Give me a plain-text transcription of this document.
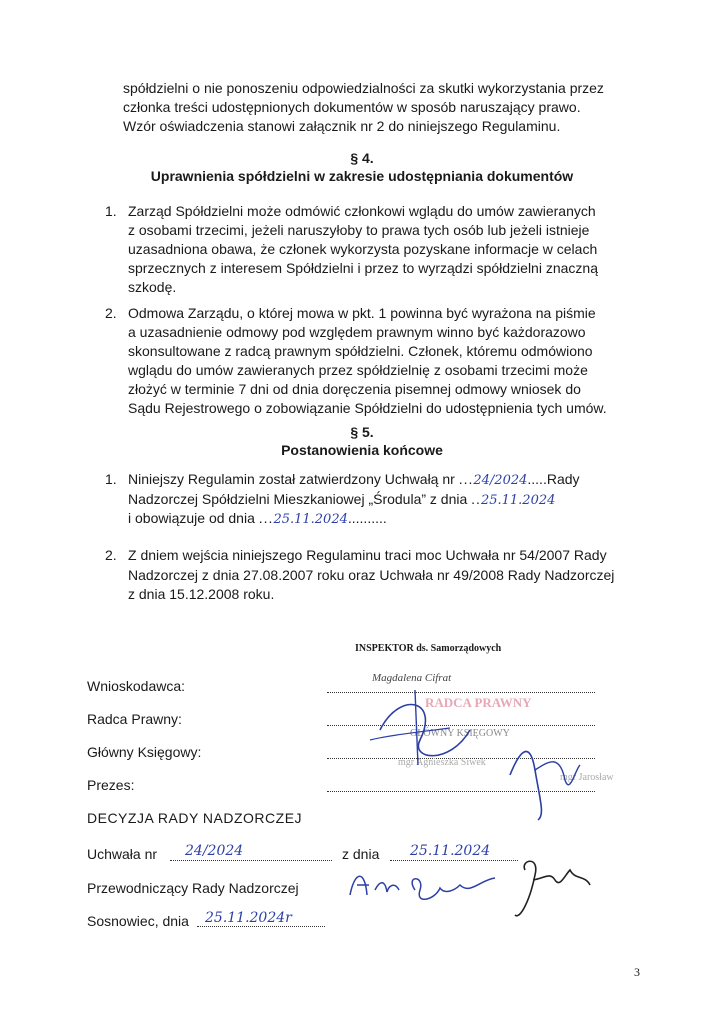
spółdzielni o nie ponoszeniu odpowiedzialności za skutki wykorzystania przez
członka treści udostępnionych dokumentów w sposób naruszający prawo.
Wzór oświadczenia stanowi załącznik nr 2 do niniejszego Regulaminu.
§ 4.
Uprawnienia spółdzielni w zakresie udostępniania dokumentów
1. Zarząd Spółdzielni może odmówić członkowi wglądu do umów zawieranych
z osobami trzecimi, jeżeli naruszyłoby to prawa tych osób lub jeżeli istnieje
uzasadniona obawa, że członek wykorzysta pozyskane informacje w celach
sprzecznych z interesem Spółdzielni i przez to wyrządzi spółdzielni znaczną
szkodę.
2. Odmowa Zarządu, o której mowa w pkt. 1 powinna być wyrażona na piśmie
a uzasadnienie odmowy pod względem prawnym winno być każdorazowo
skonsultowane z radcą prawnym spółdzielni. Członek, któremu odmówiono
wglądu do umów zawieranych przez spółdzielnię z osobami trzecimi może
złożyć w terminie 7 dni od dnia doręczenia pisemnej odmowy wniosek do
Sądu Rejestrowego o zobowiązanie Spółdzielni do udostępnienia tych umów.
§ 5.
Postanowienia końcowe
1. Niniejszy Regulamin został zatwierdzony Uchwałą nr ...24/2024.....Rady
Nadzorczej Spółdzielni Mieszkaniowej „Środula” z dnia ..25.11.2024
i obowiązuje od dnia ...25.11.2024..........
2. Z dniem wejścia niniejszego Regulaminu traci moc Uchwała nr 54/2007 Rady
Nadzorczej z dnia 27.08.2007 roku oraz Uchwała nr 49/2008 Rady Nadzorczej
z dnia 15.12.2008 roku.
INSPEKTOR ds. Samorządowych
Magdalena Cifrat
Wnioskodawca:
Radca Prawny:
Główny Księgowy:
Prezes:
RADCA PRAWNY
GŁÓWNY KSIĘGOWY
mgr Agnieszka Siwek
mgr Jarosław
DECYZJA RADY NADZORCZEJ
Uchwała nr 24/2024	z dnia 25.11.2024
Przewodniczący Rady Nadzorczej
Sosnowiec, dnia 25.11.2024r
3
